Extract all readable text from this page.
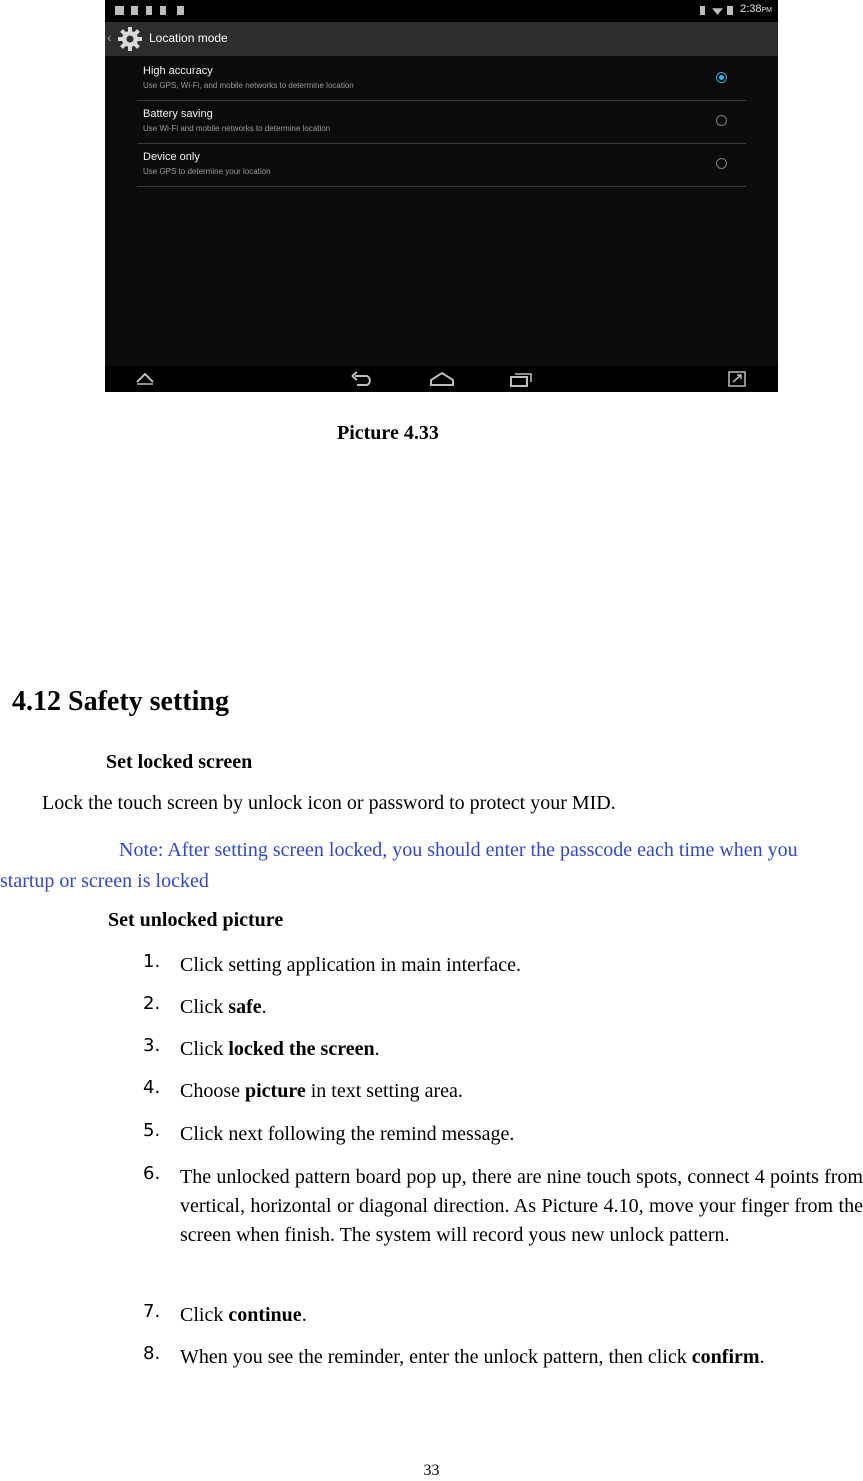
2:38PM
‹	Location mode
High accuracy
Use GPS, Wi-Fi, and mobile networks to determine location
Battery saving
Use Wi-Fi and mobile networks to determine location
Device only
Use GPS to determine your location
Picture 4.33
4.12 Safety setting
Set locked screen
Lock the touch screen by unlock icon or password to protect your MID.
Note: After setting screen locked, you should enter the passcode each time when you
startup or screen is locked
Set unlocked picture
1. Click setting application in main interface.
2. Click safe.
3. Click locked the screen.
4. Choose picture in text setting area.
5. Click next following the remind message.
6. The unlocked pattern board pop up, there are nine touch spots, connect 4 points from vertical, horizontal or diagonal direction. As Picture 4.10, move your finger from the screen when finish. The system will record yous new unlock pattern.
7. Click continue.
8. When you see the reminder, enter the unlock pattern, then click confirm.
33
